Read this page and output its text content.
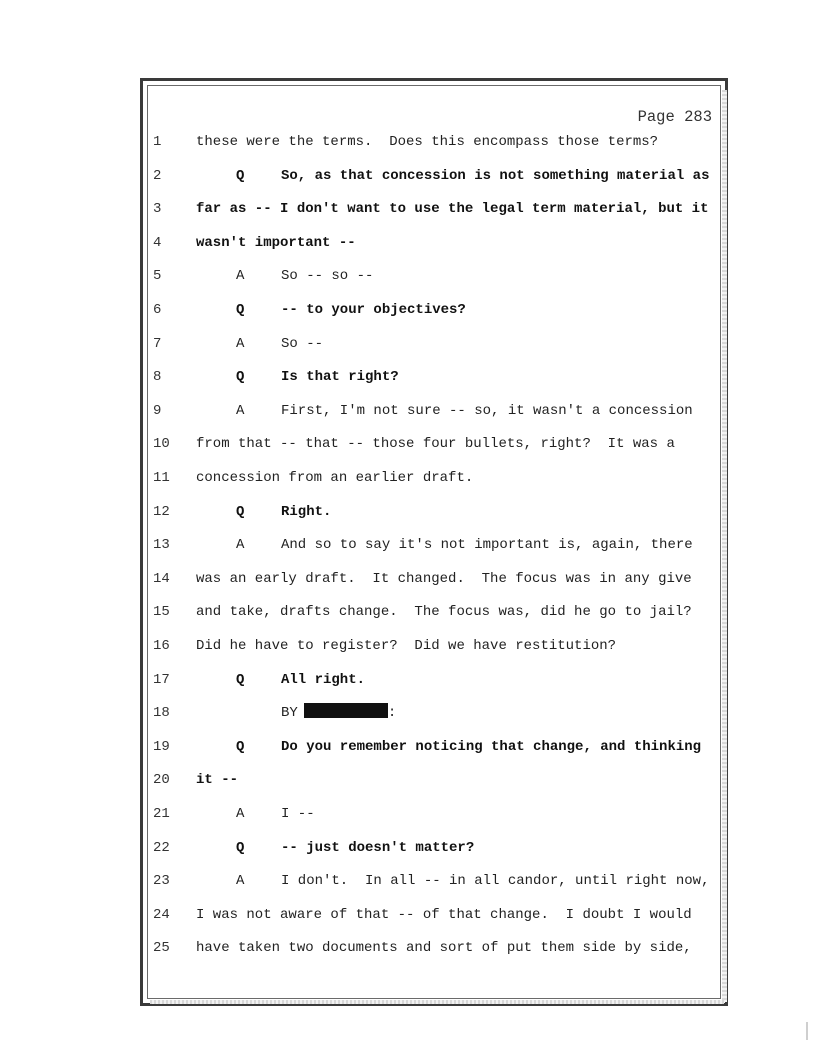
Page 283
1 these were the terms.  Does this encompass those terms?
2	Q	So, as that concession is not something material as
3 far as -- I don't want to use the legal term material, but it
4 wasn't important --
5	A	So -- so --
6	Q	-- to your objectives?
7	A	So --
8	Q	Is that right?
9	A	First, I'm not sure -- so, it wasn't a concession
10 from that -- that -- those four bullets, right?  It was a
11 concession from an earlier draft.
12	Q	Right.
13	A	And so to say it's not important is, again, there
14 was an early draft.  It changed.  The focus was in any give
15 and take, drafts change.  The focus was, did he go to jail?
16 Did he have to register?  Did we have restitution?
17	Q	All right.
18	BY	:
19	Q	Do you remember noticing that change, and thinking
20 it --
21	A	I --
22	Q	-- just doesn't matter?
23	A	I don't.  In all -- in all candor, until right now,
24 I was not aware of that -- of that change.  I doubt I would
25 have taken two documents and sort of put them side by side,
